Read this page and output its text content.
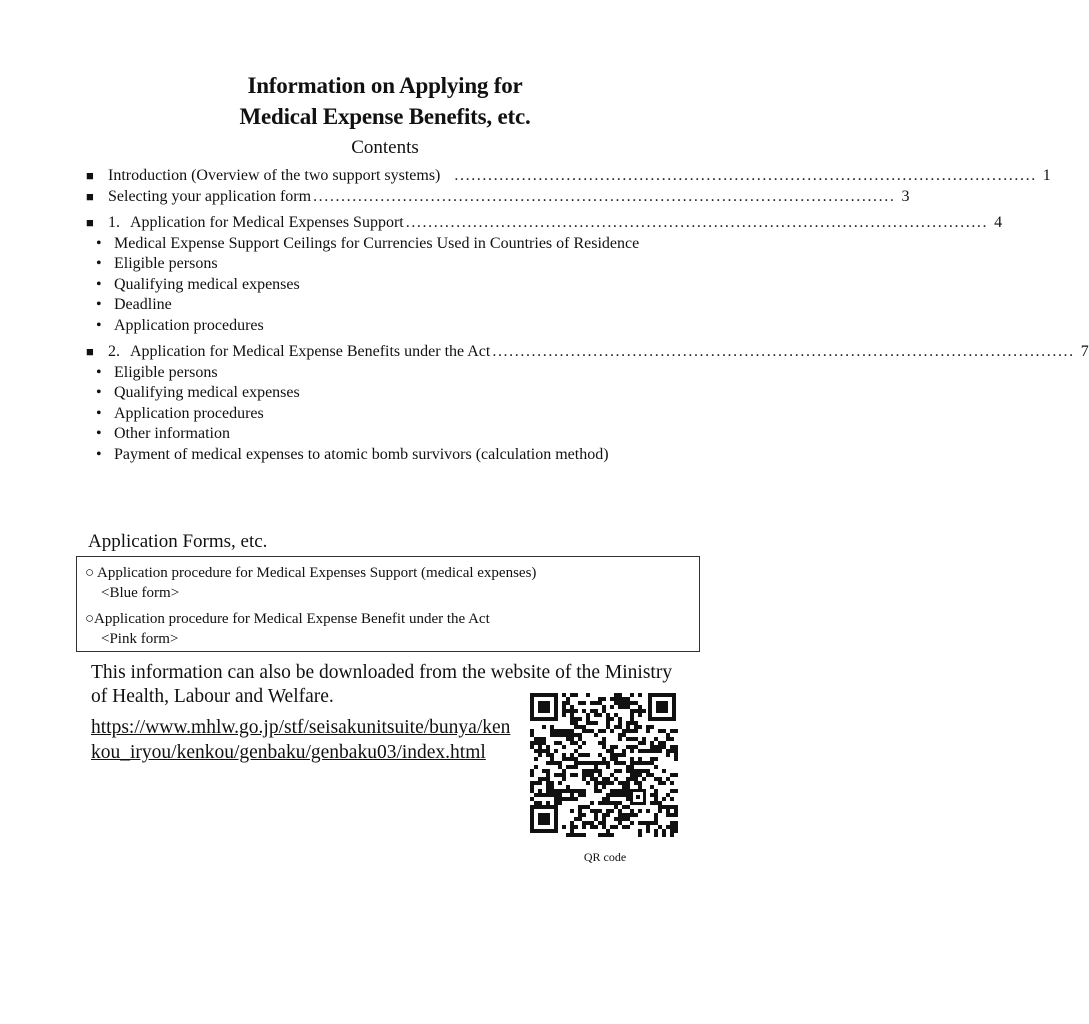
Information on Applying for
Medical Expense Benefits, etc.
Contents
■ Introduction (Overview of the two support systems) ........................................................................................................ 1
■ Selecting your application form ........................................................................................................ 3
■ 1. Application for Medical Expenses Support ........................................................................................................ 4
• Medical Expense Support Ceilings for Currencies Used in Countries of Residence
• Eligible persons
• Qualifying medical expenses
• Deadline
• Application procedures
■ 2. Application for Medical Expense Benefits under the Act ........................................................................................................ 7
• Eligible persons
• Qualifying medical expenses
• Application procedures
• Other information
• Payment of medical expenses to atomic bomb survivors (calculation method)
Application Forms, etc.
○ Application procedure for Medical Expenses Support (medical expenses)
<Blue form>
○Application procedure for Medical Expense Benefit under the Act
<Pink form>
This information can also be downloaded from the website of the Ministry of Health, Labour and Welfare.
https://www.mhlw.go.jp/stf/seisakunitsuite/bunya/kenkou_iryou/kenkou/genbaku/genbaku03/index.html
QR code
